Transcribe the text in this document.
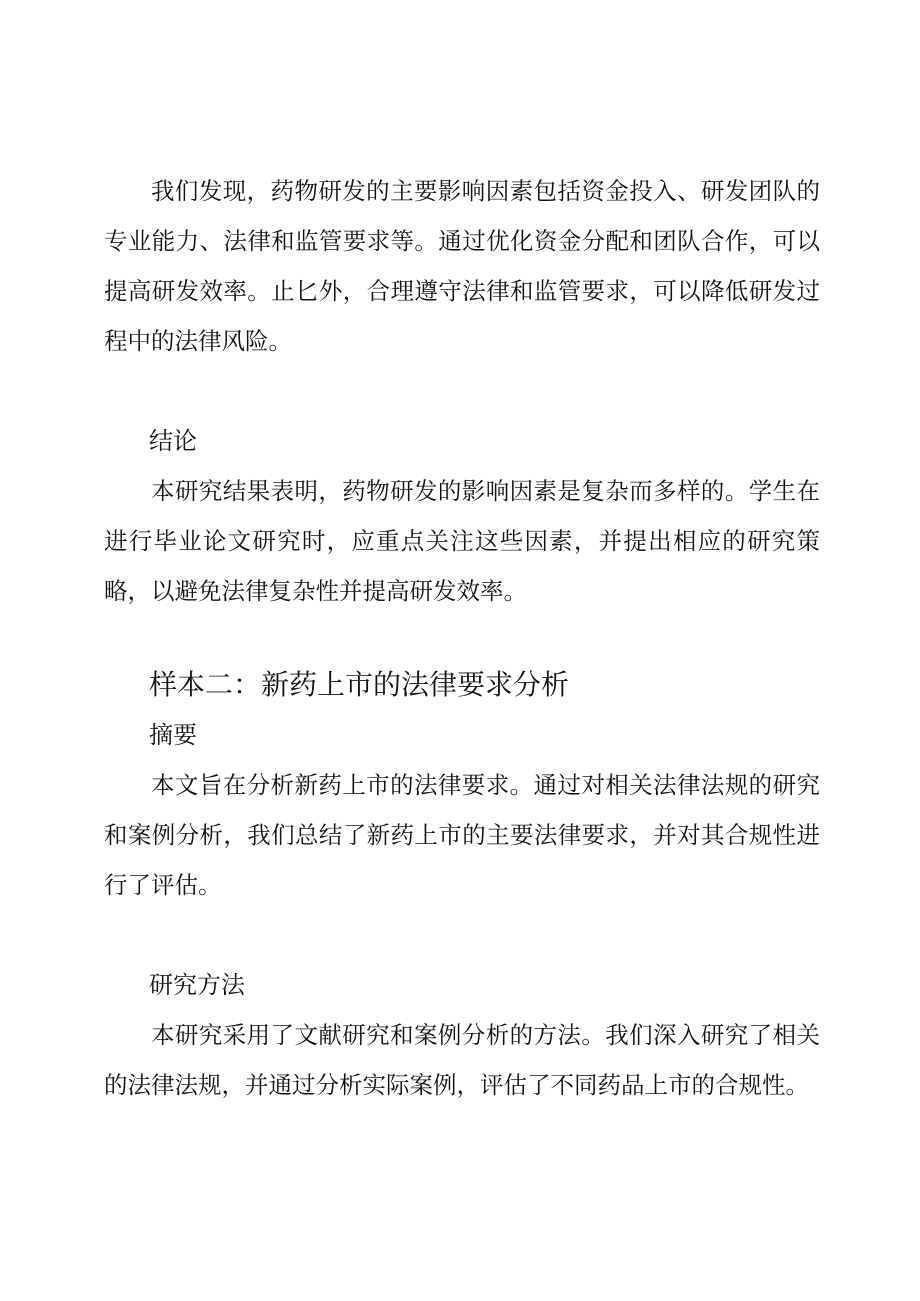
我们发现，药物研发的主要影响因素包括资金投入、研发团队的专业能力、法律和监管要求等。通过优化资金分配和团队合作，可以提高研发效率。止匕外，合理遵守法律和监管要求，可以降低研发过程中的法律风险。

结论

本研究结果表明，药物研发的影响因素是复杂而多样的。学生在进行毕业论文研究时，应重点关注这些因素，并提出相应的研究策略，以避免法律复杂性并提高研发效率。

样本二：新药上市的法律要求分析

摘要

本文旨在分析新药上市的法律要求。通过对相关法律法规的研究和案例分析，我们总结了新药上市的主要法律要求，并对其合规性进行了评估。

研究方法

本研究采用了文献研究和案例分析的方法。我们深入研究了相关的法律法规，并通过分析实际案例，评估了不同药品上市的合规性。
